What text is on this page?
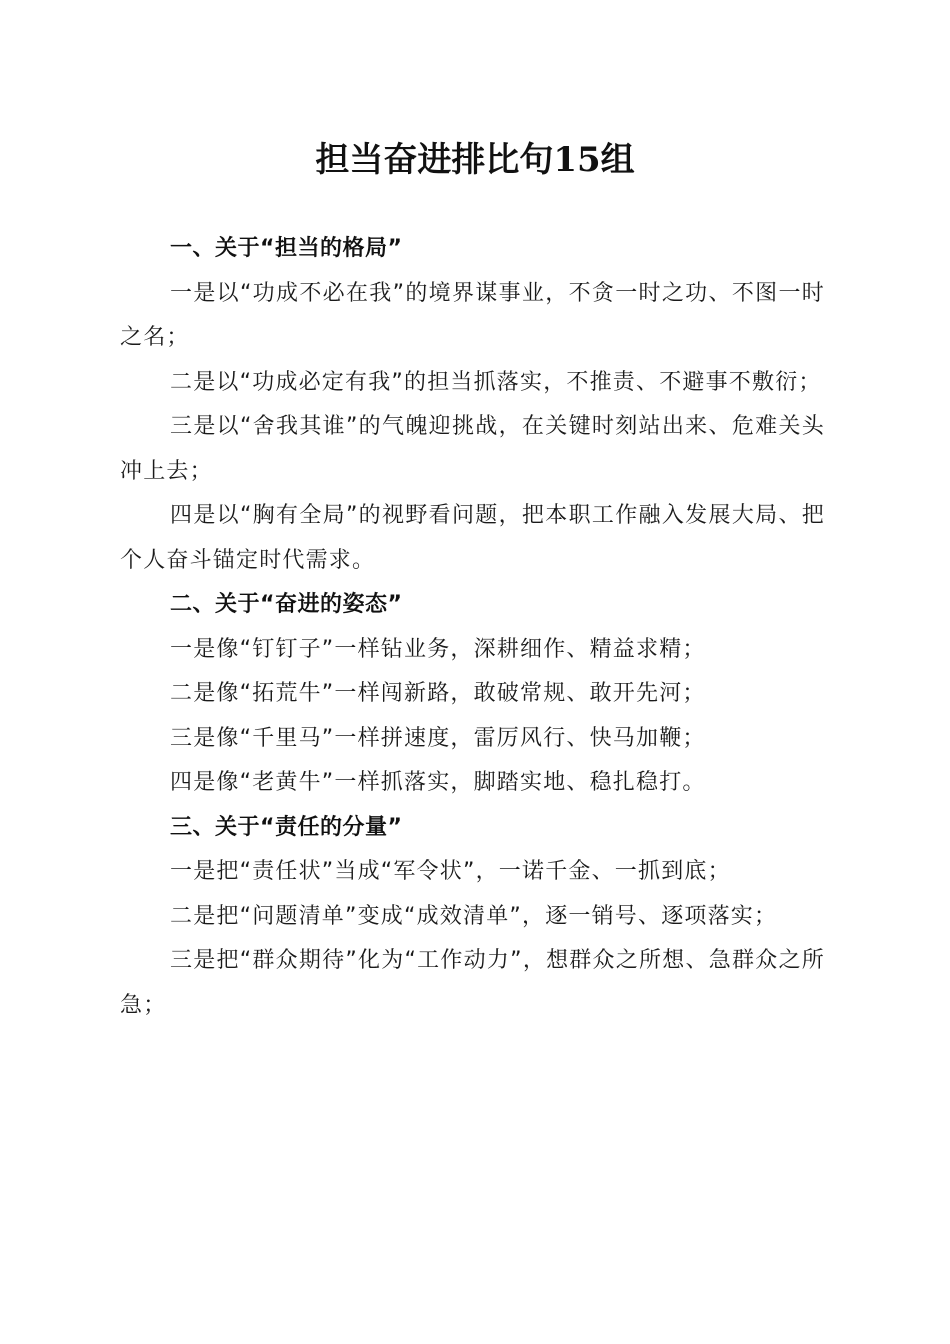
担当奋进排比句15组
一、关于“担当的格局”

一是以“功成不必在我”的境界谋事业，不贪一时之功、不图一时之名；

二是以“功成必定有我”的担当抓落实，不推责、不避事不敷衍；

三是以“舍我其谁”的气魄迎挑战，在关键时刻站出来、危难关头冲上去；

四是以“胸有全局”的视野看问题，把本职工作融入发展大局、把个人奋斗锚定时代需求。

二、关于“奋进的姿态”

一是像“钉钉子”一样钻业务，深耕细作、精益求精；

二是像“拓荒牛”一样闯新路，敢破常规、敢开先河；

三是像“千里马”一样拼速度，雷厉风行、快马加鞭；

四是像“老黄牛”一样抓落实，脚踏实地、稳扎稳打。

三、关于“责任的分量”

一是把“责任状”当成“军令状”，一诺千金、一抓到底；

二是把“问题清单”变成“成效清单”，逐一销号、逐项落实；

三是把“群众期待”化为“工作动力”，想群众之所想、急群众之所急；
